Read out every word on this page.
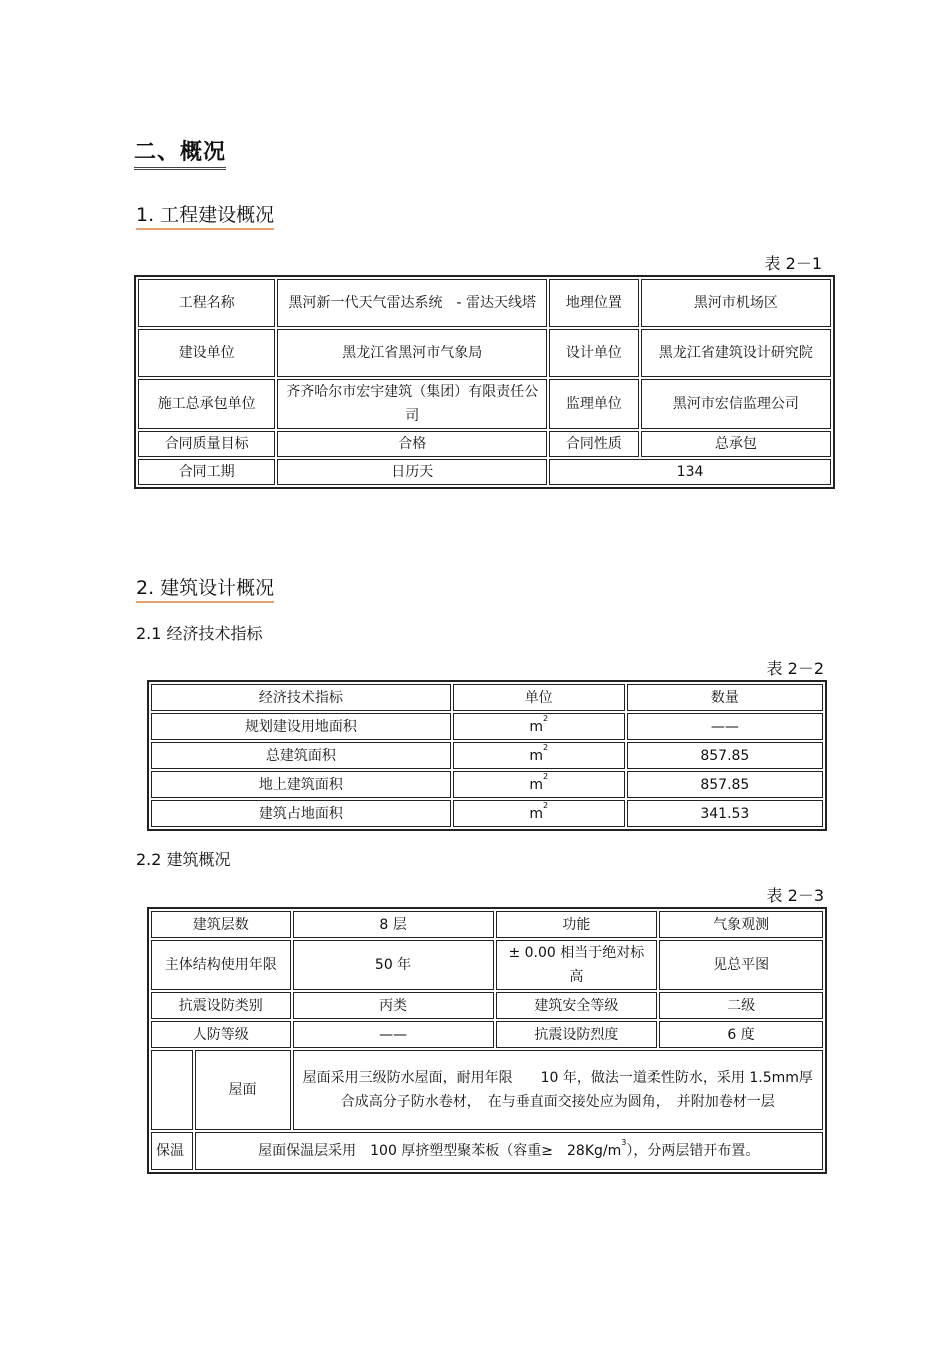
二、概况
1. 工程建设概况
表 2－1
工程名称	黑河新一代天气雷达系统　- 雷达天线塔	地理位置	黑河市机场区
建设单位	黑龙江省黑河市气象局	设计单位	黑龙江省建筑设计研究院
施工总承包单位	齐齐哈尔市宏宇建筑（集团）有限责任公司	监理单位	黑河市宏信监理公司
合同质量目标	合格	合同性质	总承包
合同工期	日历天	134	
2. 建筑设计概况
2.1 经济技术指标
表 2－2
经济技术指标	单位	数量
规划建设用地面积	$m^2$	——
总建筑面积	$m^2$	857.85
地上建筑面积	$m^2$	857.85
建筑占地面积	$m^2$	341.53
2.2 建筑概况
表 2－3
建筑层数		8 层	功能	气象观测
主体结构使用年限		50 年	± 0.00 相当于绝对标高	见总平图
抗震设防类别		丙类	建筑安全等级	二级
人防等级		——	抗震设防烈度	6 度
	屋面	屋面采用三级防水屋面，耐用年限　　10 年，做法一道柔性防水，采用 1.5mm厚合成高分子防水卷材，　在与垂直面交接处应为圆角，　并附加卷材一层		
保温	屋面保温层采用　100 厚挤塑型聚苯板（容重≥　$28Kg/m^3$），分两层错开布置。			
